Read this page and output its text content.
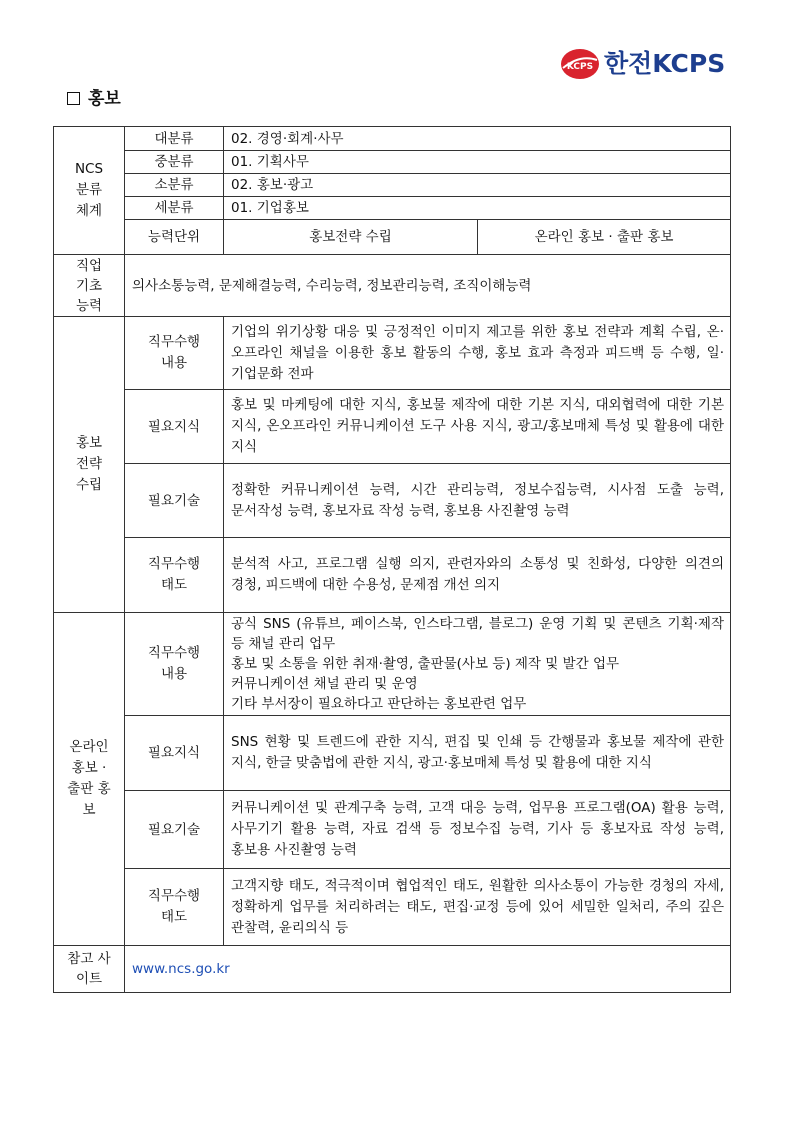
KCPS 한전KCPS
홍보
NCS 분류 체계	대분류	02. 경영·회계·사무	
	중분류	01. 기획사무	
	소분류	02. 홍보·광고	
	세분류	01. 기업홍보	
	능력단위	홍보전략 수립	온라인 홍보 · 출판 홍보
직업 기초 능력	의사소통능력, 문제해결능력, 수리능력, 정보관리능력, 조직이해능력		
홍보 전략 수립	직무수행 내용	기업의 위기상황 대응 및 긍정적인 이미지 제고를 위한 홍보 전략과 계획 수립, 온·오프라인 채널을 이용한 홍보 활동의 수행, 홍보 효과 측정과 피드백 등 수행, 일·기업문화 전파	
	필요지식	홍보 및 마케팅에 대한 지식, 홍보물 제작에 대한 기본 지식, 대외협력에 대한 기본 지식, 온오프라인 커뮤니케이션 도구 사용 지식, 광고/홍보매체 특성 및 활용에 대한 지식	
	필요기술	정확한 커뮤니케이션 능력, 시간 관리능력, 정보수집능력, 시사점 도출 능력, 문서작성 능력, 홍보자료 작성 능력, 홍보용 사진촬영 능력	
	직무수행 태도	분석적 사고, 프로그램 실행 의지, 관련자와의 소통성 및 친화성, 다양한 의견의 경청, 피드백에 대한 수용성, 문제점 개선 의지	
온라인 홍보 · 출판 홍보	직무수행 내용	공식 SNS (유튜브, 페이스북, 인스타그램, 블로그) 운영 기획 및 콘텐츠 기획·제작 등 채널 관리 업무
홍보 및 소통을 위한 취재·촬영, 출판물(사보 등) 제작 및 발간 업무
커뮤니케이션 채널 관리 및 운영
기타 부서장이 필요하다고 판단하는 홍보관련 업무	

	필요지식	SNS 현황 및 트렌드에 관한 지식, 편집 및 인쇄 등 간행물과 홍보물 제작에 관한 지식, 한글 맞춤법에 관한 지식, 광고·홍보매체 특성 및 활용에 대한 지식	
	필요기술	커뮤니케이션 및 관계구축 능력, 고객 대응 능력, 업무용 프로그램(OA) 활용 능력, 사무기기 활용 능력, 자료 검색 등 정보수집 능력, 기사 등 홍보자료 작성 능력, 홍보용 사진촬영 능력	
	직무수행 태도	고객지향 태도, 적극적이며 협업적인 태도, 원활한 의사소통이 가능한 경청의 자세, 정확하게 업무를 처리하려는 태도, 편집·교정 등에 있어 세밀한 일처리, 주의 깊은 관찰력, 윤리의식 등	
참고 사이트	www.ncs.go.kr		
